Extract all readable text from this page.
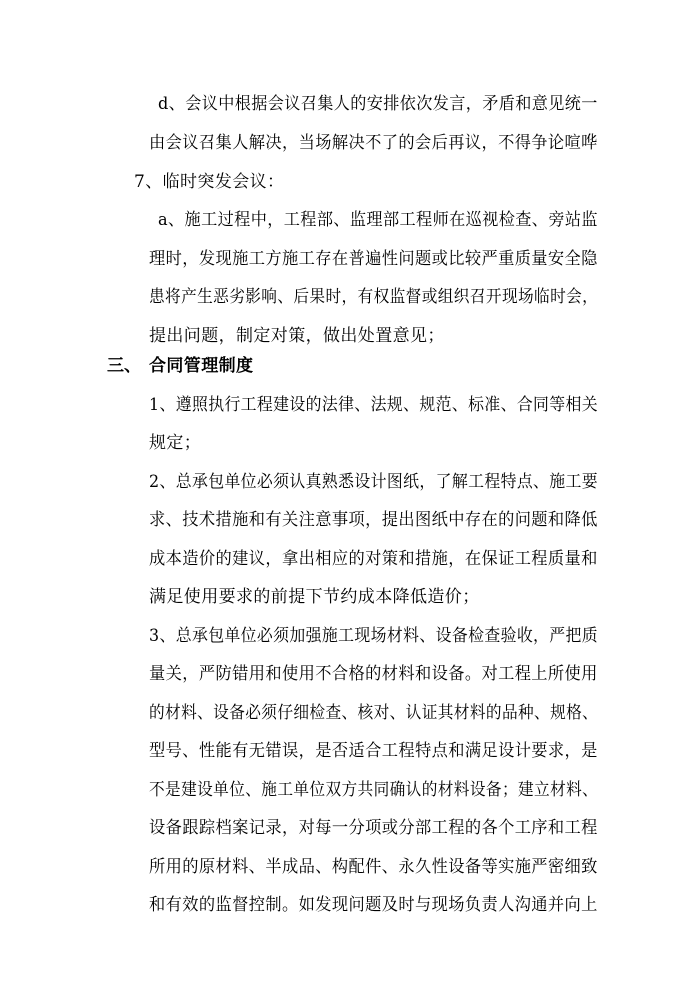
d、会议中根据会议召集人的安排依次发言，矛盾和意见统一
由会议召集人解决，当场解决不了的会后再议，不得争论喧哗
7、临时突发会议：
a、施工过程中，工程部、监理部工程师在巡视检查、旁站监
理时，发现施工方施工存在普遍性问题或比较严重质量安全隐
患将产生恶劣影响、后果时，有权监督或组织召开现场临时会，
提出问题，制定对策，做出处置意见；
三、 合同管理制度
1、遵照执行工程建设的法律、法规、规范、标准、合同等相关
规定；
2、总承包单位必须认真熟悉设计图纸，了解工程特点、施工要
求、技术措施和有关注意事项，提出图纸中存在的问题和降低
成本造价的建议，拿出相应的对策和措施，在保证工程质量和
满足使用要求的前提下节约成本降低造价；
3、总承包单位必须加强施工现场材料、设备检查验收，严把质
量关，严防错用和使用不合格的材料和设备。对工程上所使用
的材料、设备必须仔细检查、核对、认证其材料的品种、规格、
型号、性能有无错误，是否适合工程特点和满足设计要求，是
不是建设单位、施工单位双方共同确认的材料设备；建立材料、
设备跟踪档案记录，对每一分项或分部工程的各个工序和工程
所用的原材料、半成品、构配件、永久性设备等实施严密细致
和有效的监督控制。如发现问题及时与现场负责人沟通并向上
